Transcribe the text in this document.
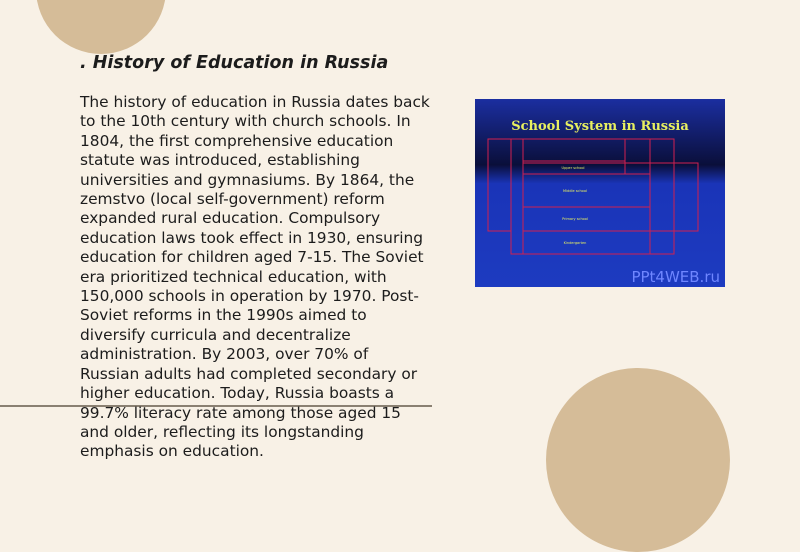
. History of Education in Russia

The history of education in Russia dates back to the 10th century with church schools. In 1804, the first comprehensive education statute was introduced, establishing universities and gymnasiums. By 1864, the zemstvo (local self-government) reform expanded rural education. Compulsory education laws took effect in 1930, ensuring education for children aged 7-15. The Soviet era prioritized technical education, with 150,000 schools in operation by 1970. Post-Soviet reforms in the 1990s aimed to diversify curricula and decentralize administration. By 2003, over 70% of Russian adults had completed secondary or higher education. Today, Russia boasts a 99.7% literacy rate among those aged 15 and older, reflecting its longstanding emphasis on education.

School System in Russia
Upper school
Middle school
Primary school
Kindergarten
PPt4WEB.ru
